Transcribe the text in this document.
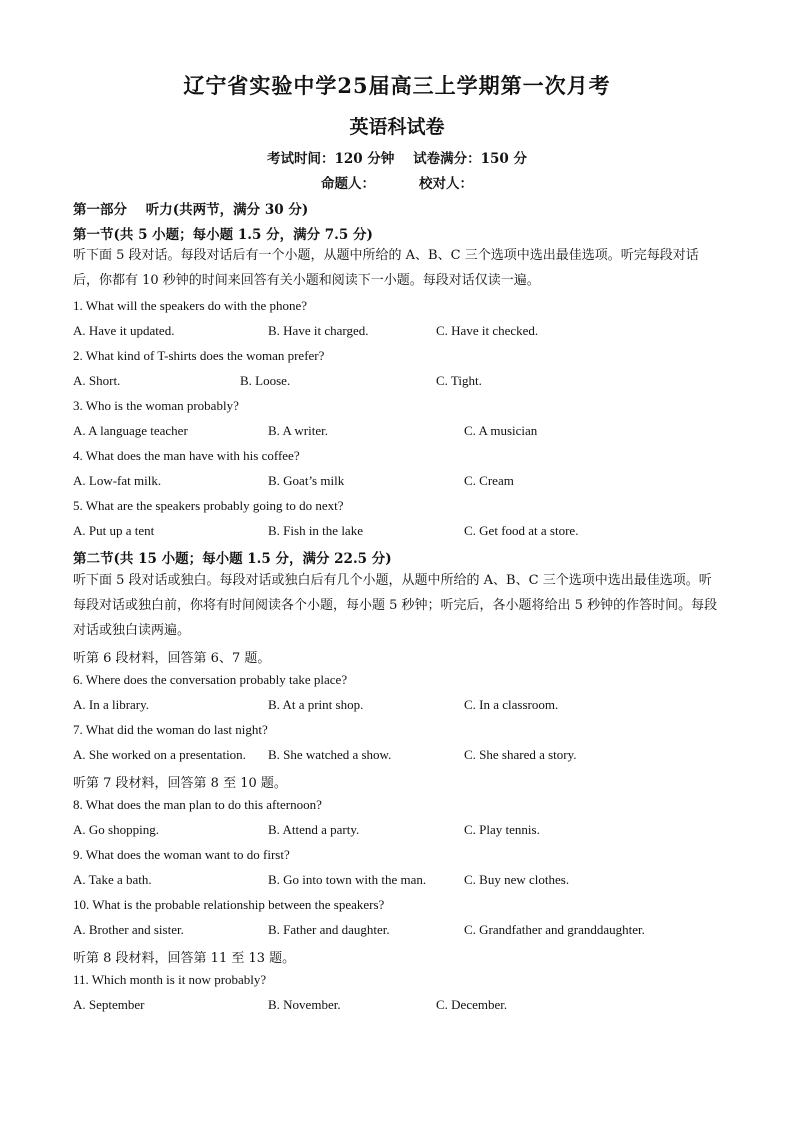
辽宁省实验中学25届高三上学期第一次月考
英语科试卷
考试时间：120 分钟    试卷满分：150 分
命题人：	校对人：
第一部分    听力(共两节，满分 30 分)
第一节(共 5 小题；每小题 1.5 分，满分 7.5 分)
听下面 5 段对话。每段对话后有一个小题，从题中所给的 A、B、C 三个选项中选出最佳选项。听完每段对话后，你都有 10 秒钟的时间来回答有关小题和阅读下一小题。每段对话仅读一遍。
1. What will the speakers do with the phone?
A. Have it updated.	B. Have it charged.	C. Have it checked.
2. What kind of T-shirts does the woman prefer?
A. Short.	B. Loose.	C. Tight.
3. Who is the woman probably?
A. A language teacher	B. A writer.	C. A musician
4. What does the man have with his coffee?
A. Low-fat milk.	B. Goat’s milk	C. Cream
5. What are the speakers probably going to do next?
A. Put up a tent	B. Fish in the lake	C. Get food at a store.
第二节(共 15 小题；每小题 1.5 分，满分 22.5 分)
听下面 5 段对话或独白。每段对话或独白后有几个小题，从题中所给的 A、B、C 三个选项中选出最佳选项。听每段对话或独白前，你将有时间阅读各个小题，每小题 5 秒钟；听完后，各小题将给出 5 秒钟的作答时间。每段对话或独白读两遍。
听第 6 段材料，回答第 6、7 题。
6. Where does the conversation probably take place?
A. In a library.	B. At a print shop.	C. In a classroom.
7. What did the woman do last night?
A. She worked on a presentation. B. She watched a show.	C. She shared a story.
听第 7 段材料，回答第 8 至 10 题。
8. What does the man plan to do this afternoon?
A. Go shopping.	B. Attend a party.	C. Play tennis.
9. What does the woman want to do first?
A. Take a bath.	B. Go into town with the man.	C. Buy new clothes.
10. What is the probable relationship between the speakers?
A. Brother and sister.	B. Father and daughter.	C. Grandfather and granddaughter.
听第 8 段材料，回答第 11 至 13 题。
11. Which month is it now probably?
A. September	B. November.	C. December.
